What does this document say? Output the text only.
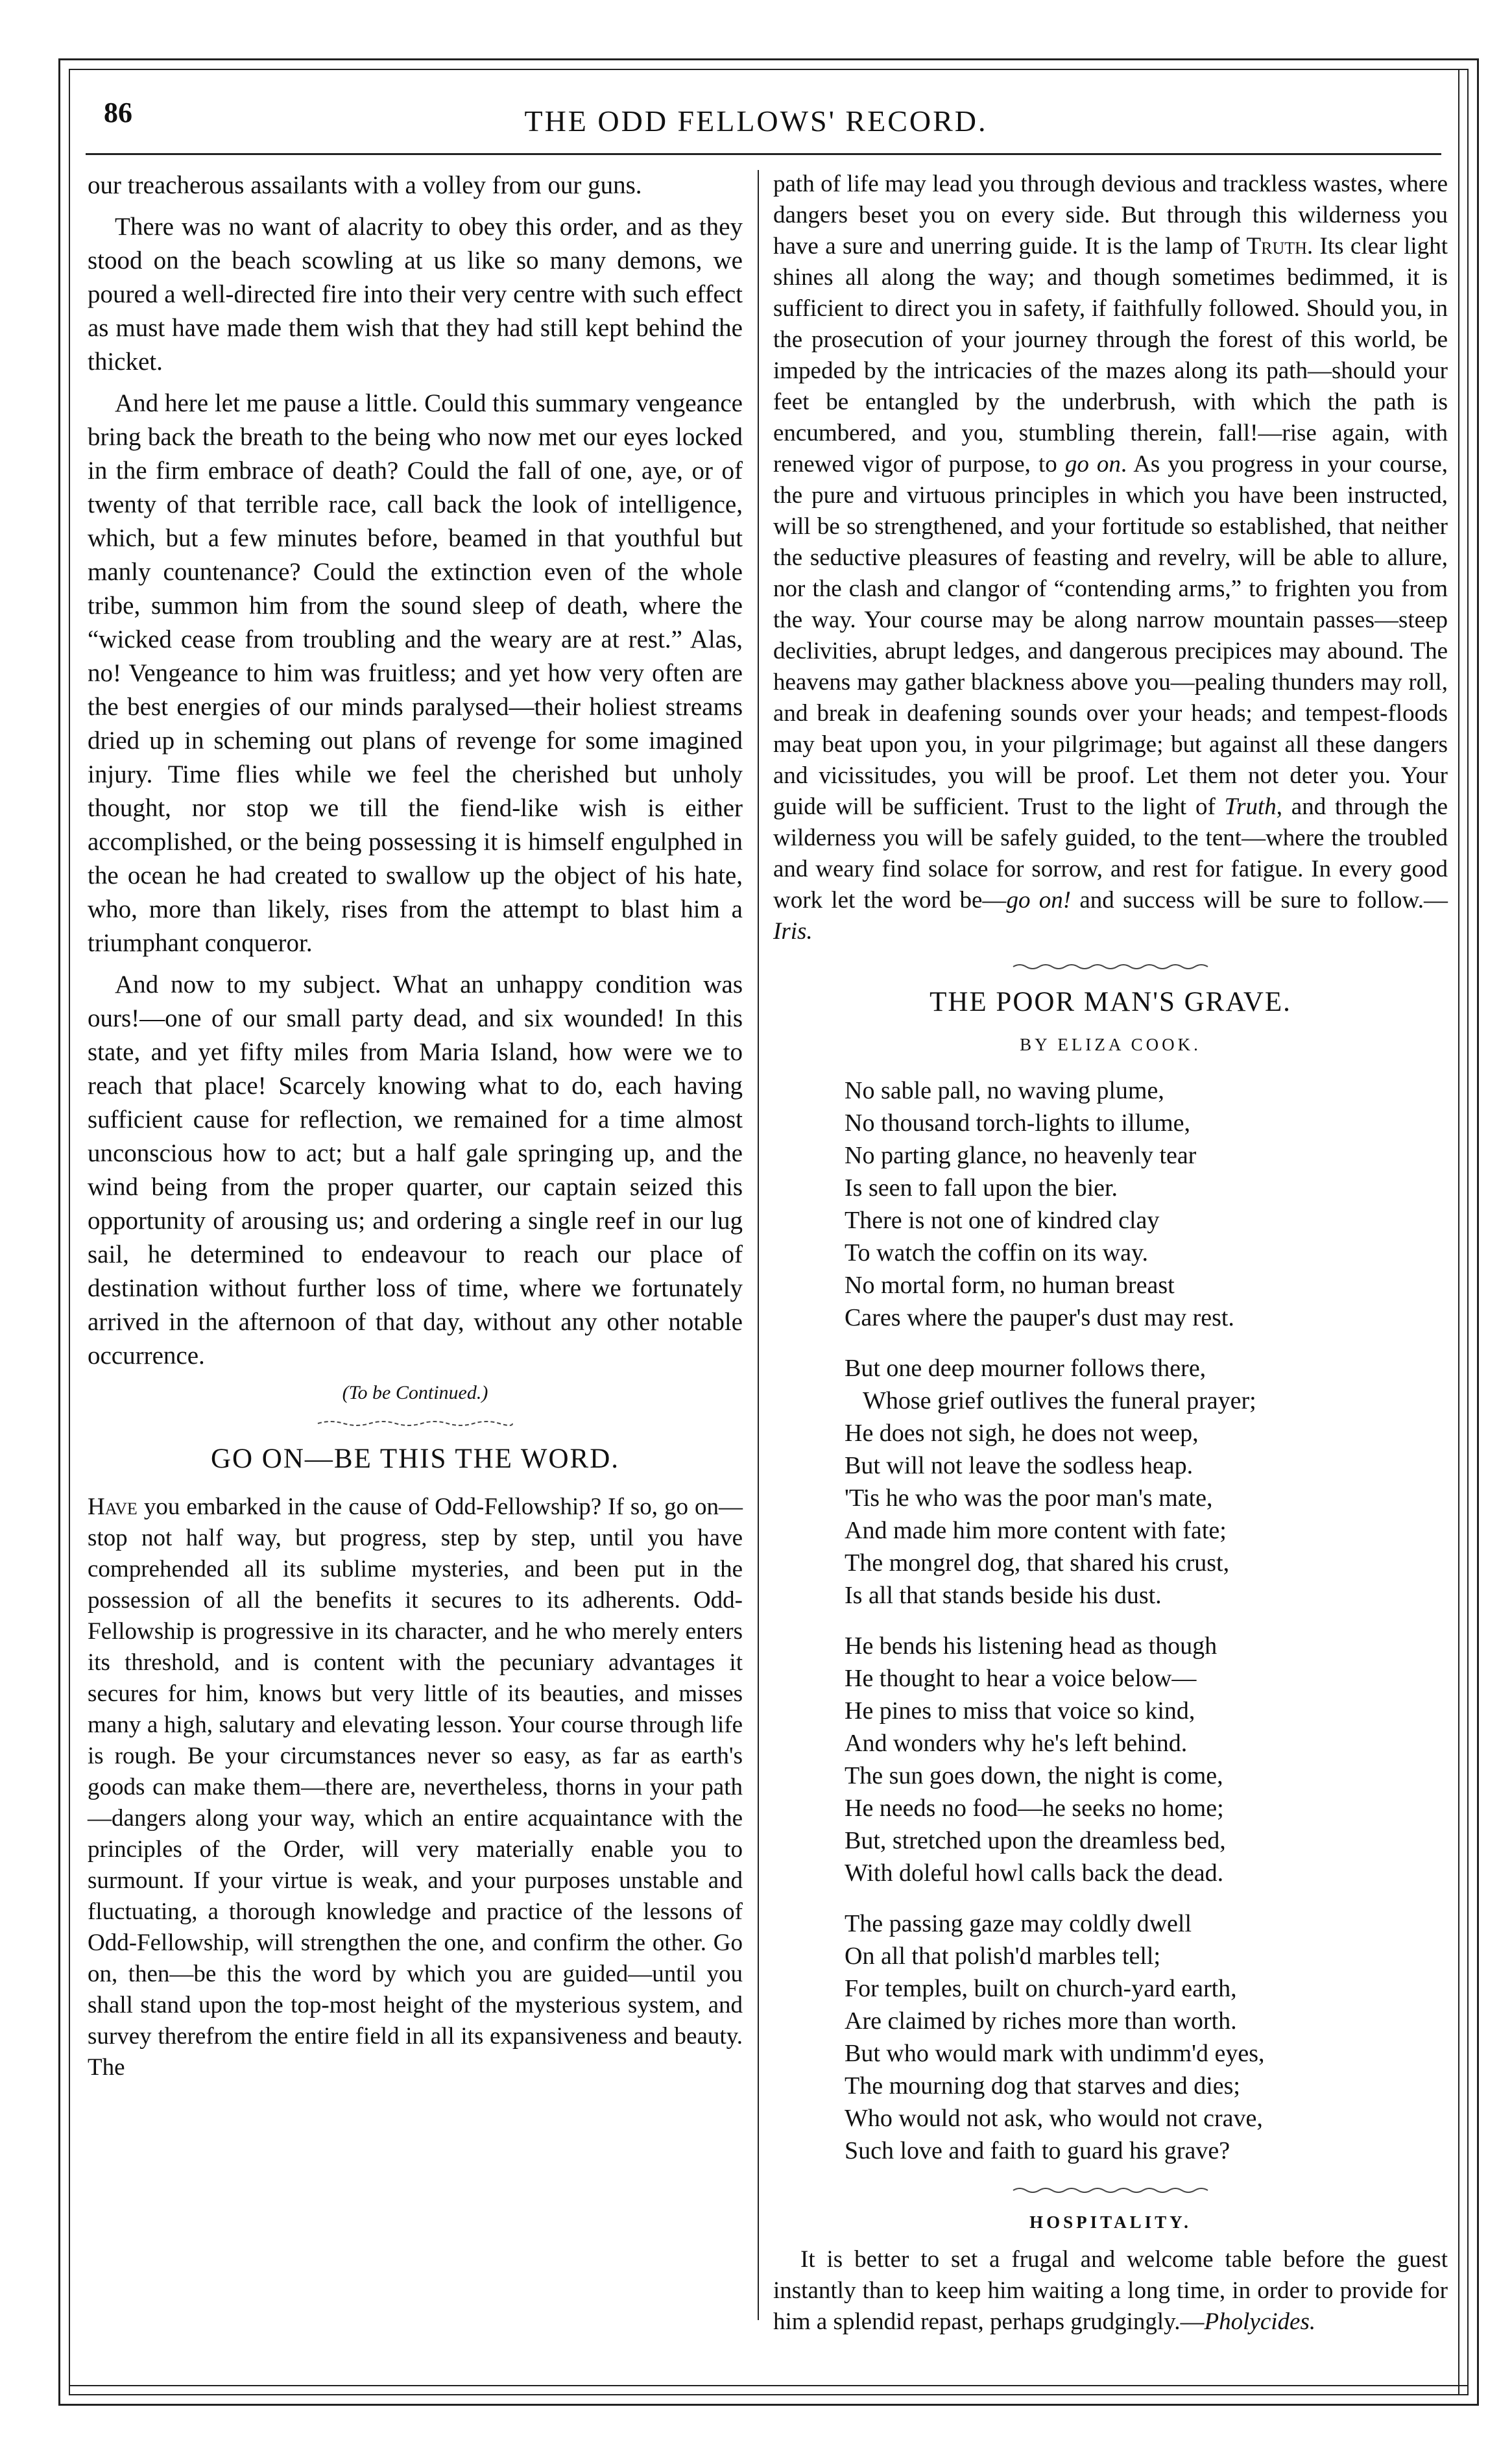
86	THE ODD FELLOWS' RECORD.

our treacherous assailants with a volley from our guns.

There was no want of alacrity to obey this order, and as they stood on the beach scowling at us like so many demons, we poured a well-directed fire into their very centre with such effect as must have made them wish that they had still kept behind the thicket.

And here let me pause a little. Could this summary vengeance bring back the breath to the being who now met our eyes locked in the firm embrace of death? Could the fall of one, aye, or of twenty of that terrible race, call back the look of intelligence, which, but a few minutes before, beamed in that youthful but manly countenance? Could the extinction even of the whole tribe, summon him from the sound sleep of death, where the “wicked cease from troubling and the weary are at rest.” Alas, no! Vengeance to him was fruitless; and yet how very often are the best energies of our minds paralysed—their holiest streams dried up in scheming out plans of revenge for some imagined injury. Time flies while we feel the cherished but unholy thought, nor stop we till the fiend-like wish is either accomplished, or the being possessing it is himself engulphed in the ocean he had created to swallow up the object of his hate, who, more than likely, rises from the attempt to blast him a triumphant conqueror.

And now to my subject. What an unhappy condition was ours!—one of our small party dead, and six wounded! In this state, and yet fifty miles from Maria Island, how were we to reach that place! Scarcely knowing what to do, each having sufficient cause for reflection, we remained for a time almost unconscious how to act; but a half gale springing up, and the wind being from the proper quarter, our captain seized this opportunity of arousing us; and ordering a single reef in our lug sail, he determined to endeavour to reach our place of destination without further loss of time, where we fortunately arrived in the afternoon of that day, without any other notable occurrence.

(To be Continued.)
GO ON—BE THIS THE WORD.

Have you embarked in the cause of Odd-Fellowship? If so, go on—stop not half way, but progress, step by step, until you have comprehended all its sublime mysteries, and been put in the possession of all the benefits it secures to its adherents. Odd-Fellowship is progressive in its character, and he who merely enters its threshold, and is content with the pecuniary advantages it secures for him, knows but very little of its beauties, and misses many a high, salutary and elevating lesson. Your course through life is rough. Be your circumstances never so easy, as far as earth's goods can make them—there are, nevertheless, thorns in your path—dangers along your way, which an entire acquaintance with the principles of the Order, will very materially enable you to surmount. If your virtue is weak, and your purposes unstable and fluctuating, a thorough knowledge and practice of the lessons of Odd-Fellowship, will strengthen the one, and confirm the other. Go on, then—be this the word by which you are guided—until you shall stand upon the top-most height of the mysterious system, and survey therefrom the entire field in all its expansiveness and beauty. The

path of life may lead you through devious and trackless wastes, where dangers beset you on every side. But through this wilderness you have a sure and unerring guide. It is the lamp of Truth. Its clear light shines all along the way; and though sometimes bedimmed, it is sufficient to direct you in safety, if faithfully followed. Should you, in the prosecution of your journey through the forest of this world, be impeded by the intricacies of the mazes along its path—should your feet be entangled by the underbrush, with which the path is encumbered, and you, stumbling therein, fall!—rise again, with renewed vigor of purpose, to go on. As you progress in your course, the pure and virtuous principles in which you have been instructed, will be so strengthened, and your fortitude so established, that neither the seductive pleasures of feasting and revelry, will be able to allure, nor the clash and clangor of “contending arms,” to frighten you from the way. Your course may be along narrow mountain passes—steep declivities, abrupt ledges, and dangerous precipices may abound. The heavens may gather blackness above you—pealing thunders may roll, and break in deafening sounds over your heads; and tempest-floods may beat upon you, in your pilgrimage; but against all these dangers and vicissitudes, you will be proof. Let them not deter you. Your guide will be sufficient. Trust to the light of Truth, and through the wilderness you will be safely guided, to the tent—where the troubled and weary find solace for sorrow, and rest for fatigue. In every good work let the word be—go on! and success will be sure to follow.—Iris.

THE POOR MAN'S GRAVE.
BY ELIZA COOK.
No sable pall, no waving plume,
No thousand torch-lights to illume,
No parting glance, no heavenly tear
Is seen to fall upon the bier.
There is not one of kindred clay
To watch the coffin on its way.
No mortal form, no human breast
Cares where the pauper's dust may rest.
But one deep mourner follows there,
Whose grief outlives the funeral prayer;
He does not sigh, he does not weep,
But will not leave the sodless heap.
'Tis he who was the poor man's mate,
And made him more content with fate;
The mongrel dog, that shared his crust,
Is all that stands beside his dust.
He bends his listening head as though
He thought to hear a voice below—
He pines to miss that voice so kind,
And wonders why he's left behind.
The sun goes down, the night is come,
He needs no food—he seeks no home;
But, stretched upon the dreamless bed,
With doleful howl calls back the dead.
The passing gaze may coldly dwell
On all that polish'd marbles tell;
For temples, built on church-yard earth,
Are claimed by riches more than worth.
But who would mark with undimm'd eyes,
The mourning dog that starves and dies;
Who would not ask, who would not crave,
Such love and faith to guard his grave?
HOSPITALITY.

It is better to set a frugal and welcome table before the guest instantly than to keep him waiting a long time, in order to provide for him a splendid repast, perhaps grudgingly.—Pholycides.
